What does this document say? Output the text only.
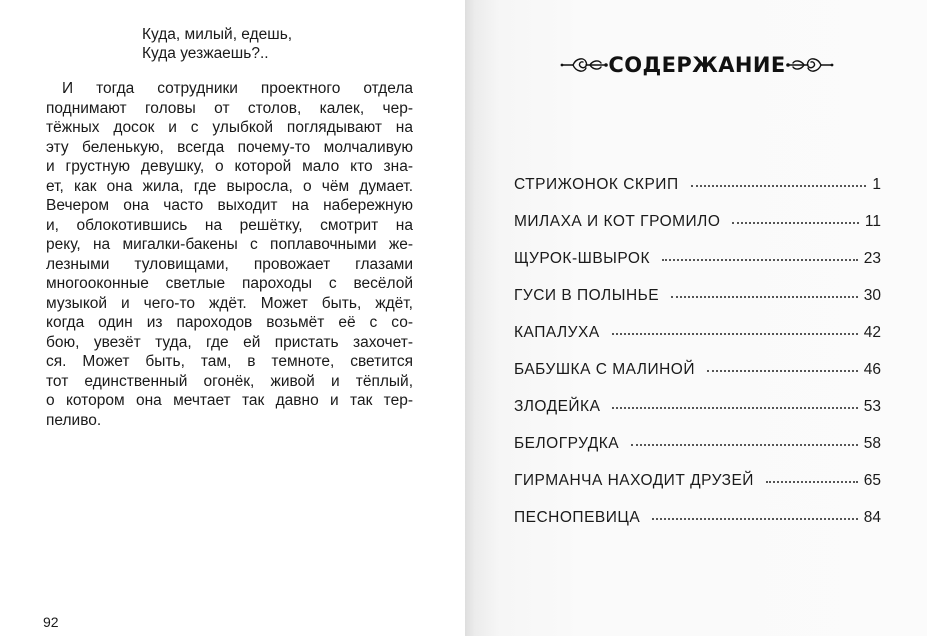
Куда, милый, едешь,
Куда уезжаешь?..
И тогда сотрудники проектного отдела
поднимают головы от столов, калек, чер-
тёжных досок и с улыбкой поглядывают на
эту беленькую, всегда почему-то молчаливую
и грустную девушку, о которой мало кто зна-
ет, как она жила, где выросла, о чём думает.
Вечером она часто выходит на набережную
и, облокотившись на решётку, смотрит на
реку, на мигалки-бакены с поплавочными же-
лезными туловищами, провожает глазами
многооконные светлые пароходы с весёлой
музыкой и чего-то ждёт. Может быть, ждёт,
когда один из пароходов возьмёт её с со-
бою, увезёт туда, где ей пристать захочет-
ся. Может быть, там, в темноте, светится
тот единственный огонёк, живой и тёплый,
о котором она мечтает так давно и так тер-
пеливо.
92
СОДЕРЖАНИЕ
СТРИЖОНОК СКРИП	1
МИЛАХА И КОТ ГРОМИЛО	11
ЩУРОК-ШВЫРОК	23
ГУСИ В ПОЛЫНЬЕ	30
КАПАЛУХА	42
БАБУШКА С МАЛИНОЙ	46
ЗЛОДЕЙКА	53
БЕЛОГРУДКА	58
ГИРМАНЧА НАХОДИТ ДРУЗЕЙ	65
ПЕСНОПЕВИЦА	84
